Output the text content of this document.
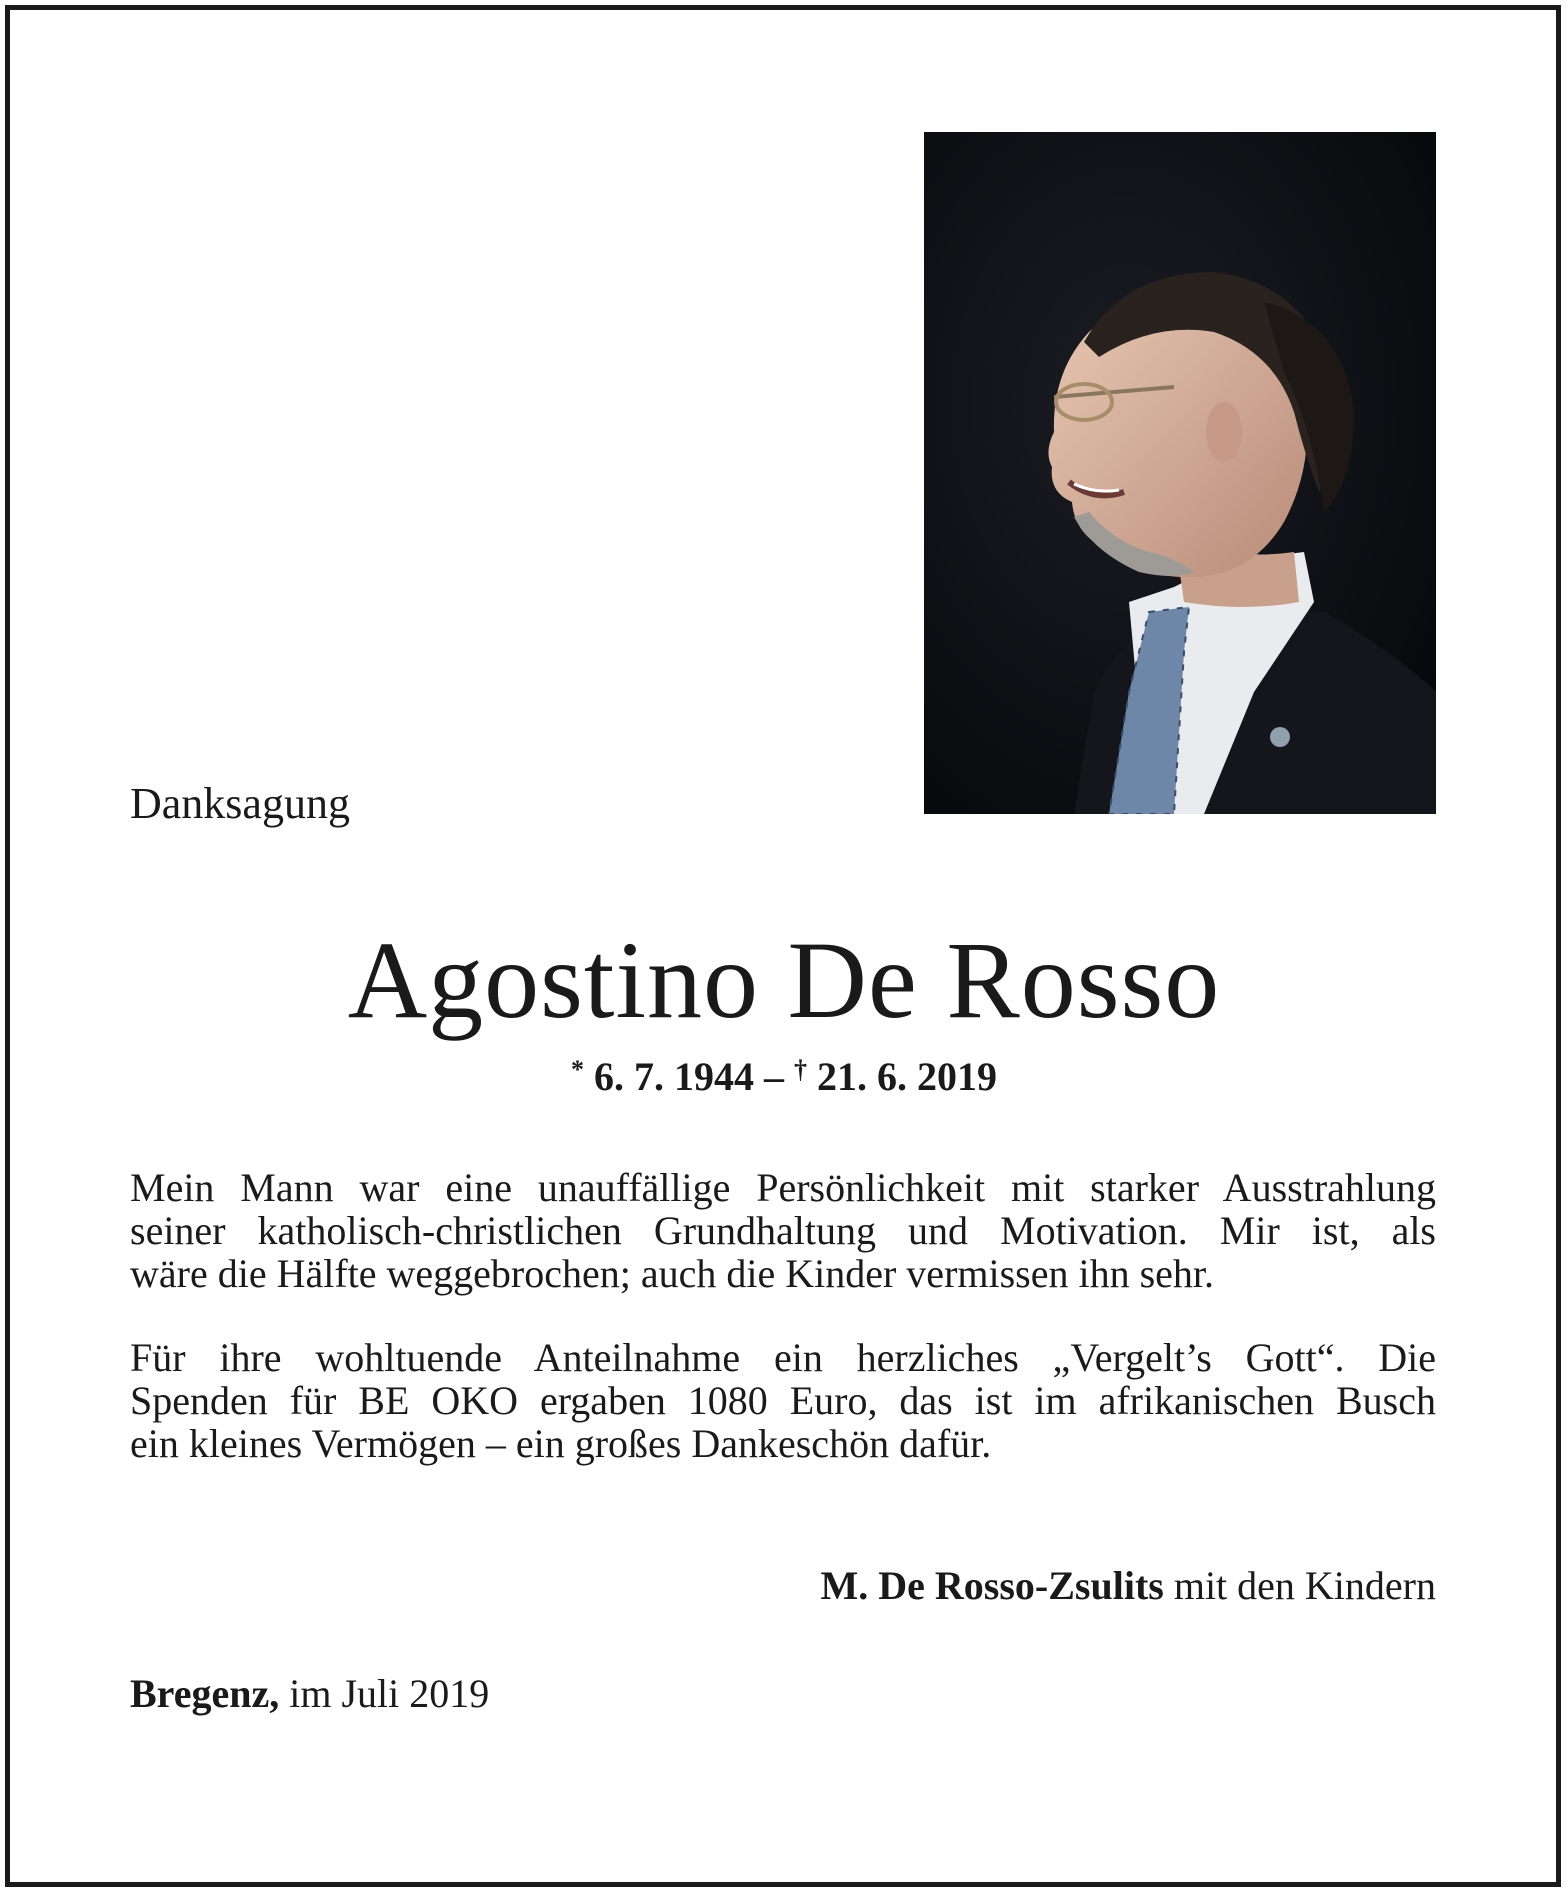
Danksagung
Agostino De Rosso
* 6. 7. 1944 – † 21. 6. 2019
Mein Mann war eine unauffällige Persönlichkeit mit starker Ausstrahlung
seiner katholisch-christlichen Grundhaltung und Motivation. Mir ist, als
wäre die Hälfte weggebrochen; auch die Kinder vermissen ihn sehr.
Für ihre wohltuende Anteilnahme ein herzliches „Vergelt’s Gott“. Die
Spenden für BE OKO ergaben 1080 Euro, das ist im afrikanischen Busch
ein kleines Vermögen – ein großes Dankeschön dafür.
M. De Rosso-Zsulits mit den Kindern
Bregenz, im Juli 2019
